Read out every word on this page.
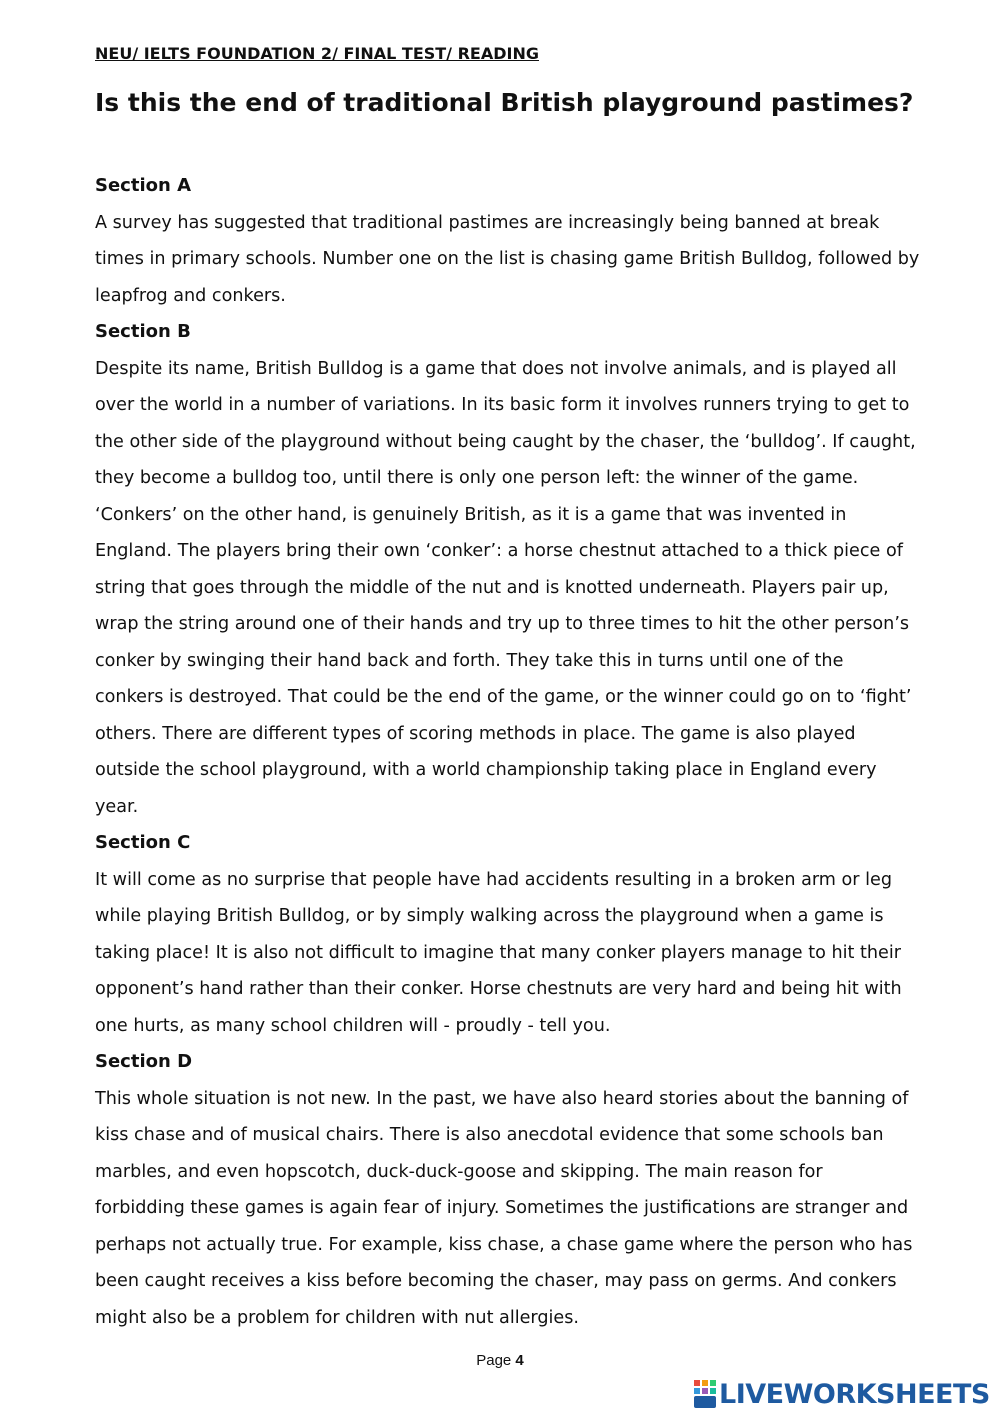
NEU/ IELTS FOUNDATION 2/ FINAL TEST/ READING
Is this the end of traditional British playground pastimes?

Section A

A survey has suggested that traditional pastimes are increasingly being banned at break
times in primary schools. Number one on the list is chasing game British Bulldog, followed by
leapfrog and conkers.

Section B

Despite its name, British Bulldog is a game that does not involve animals, and is played all
over the world in a number of variations. In its basic form it involves runners trying to get to
the other side of the playground without being caught by the chaser, the ‘bulldog’. If caught,
they become a bulldog too, until there is only one person left: the winner of the game.
‘Conkers’ on the other hand, is genuinely British, as it is a game that was invented in
England. The players bring their own ‘conker’: a horse chestnut attached to a thick piece of
string that goes through the middle of the nut and is knotted underneath. Players pair up,
wrap the string around one of their hands and try up to three times to hit the other person’s
conker by swinging their hand back and forth. They take this in turns until one of the
conkers is destroyed. That could be the end of the game, or the winner could go on to ‘fight’
others. There are different types of scoring methods in place. The game is also played
outside the school playground, with a world championship taking place in England every
year.

Section C

It will come as no surprise that people have had accidents resulting in a broken arm or leg
while playing British Bulldog, or by simply walking across the playground when a game is
taking place! It is also not difficult to imagine that many conker players manage to hit their
opponent’s hand rather than their conker. Horse chestnuts are very hard and being hit with
one hurts, as many school children will - proudly - tell you.

Section D

This whole situation is not new. In the past, we have also heard stories about the banning of
kiss chase and of musical chairs. There is also anecdotal evidence that some schools ban
marbles, and even hopscotch, duck-duck-goose and skipping. The main reason for
forbidding these games is again fear of injury. Sometimes the justifications are stranger and
perhaps not actually true. For example, kiss chase, a chase game where the person who has
been caught receives a kiss before becoming the chaser, may pass on germs. And conkers
might also be a problem for children with nut allergies.

Page 4
LIVEWORKSHEETS
